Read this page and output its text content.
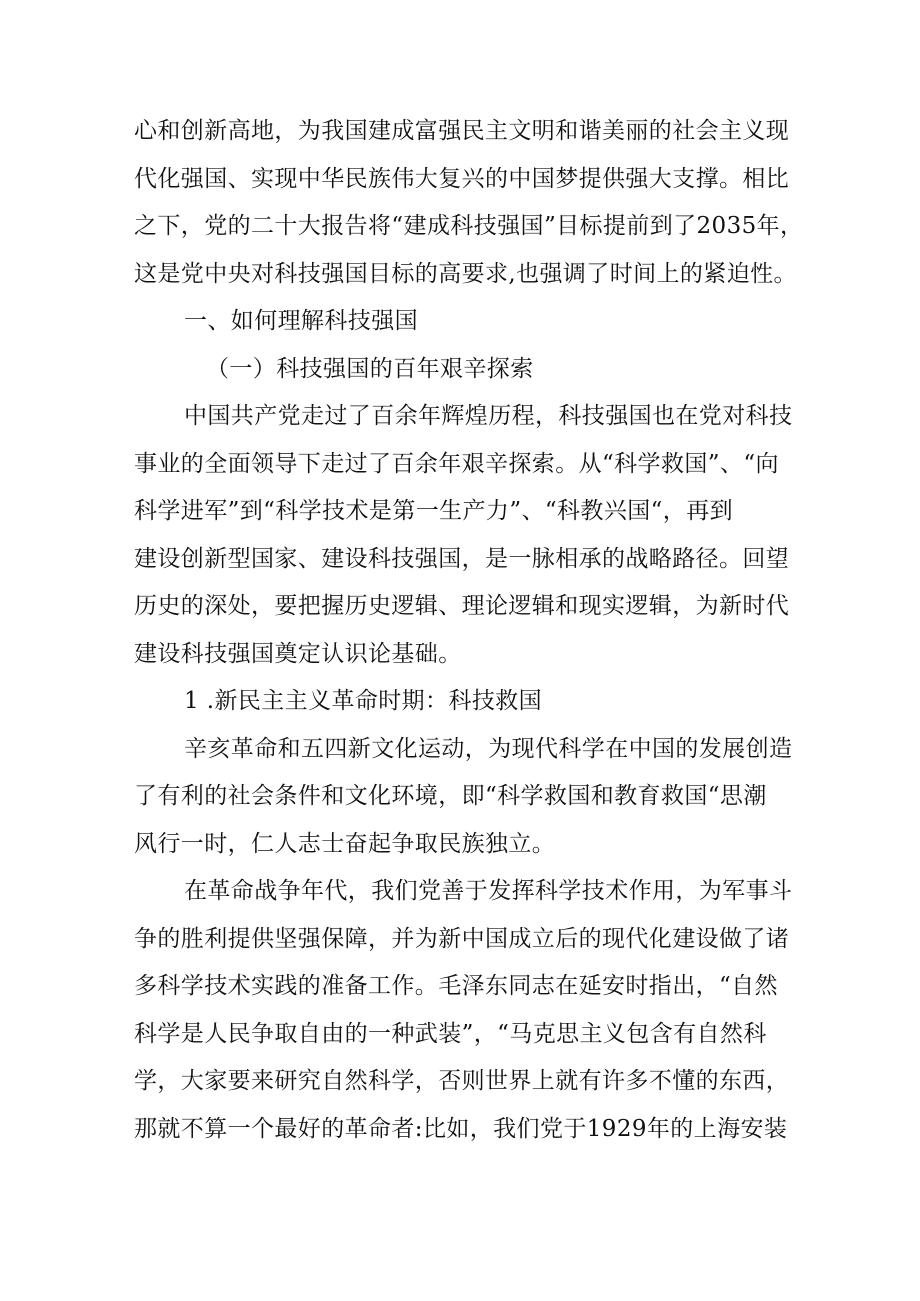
心和创新高地，为我国建成富强民主文明和谐美丽的社会主义现
代化强国、实现中华民族伟大复兴的中国梦提供强大支撑。相比
之下，党的二十大报告将“建成科技强国”目标提前到了2035年，
这是党中央对科技强国目标的高要求,也强调了时间上的紧迫性。
一、如何理解科技强国
（一）科技强国的百年艰辛探索
中国共产党走过了百余年辉煌历程，科技强国也在党对科技
事业的全面领导下走过了百余年艰辛探索。从“科学救国”、“向
科学进军”到“科学技术是第一生产力”、“科教兴国“，再到
建设创新型国家、建设科技强国，是一脉相承的战略路径。回望
历史的深处，要把握历史逻辑、理论逻辑和现实逻辑，为新时代
建设科技强国奠定认识论基础。
1 .新民主主义革命时期：科技救国
辛亥革命和五四新文化运动，为现代科学在中国的发展创造
了有利的社会条件和文化环境，即“科学救国和教育救国“思潮
风行一时，仁人志士奋起争取民族独立。
在革命战争年代，我们党善于发挥科学技术作用，为军事斗
争的胜利提供坚强保障，并为新中国成立后的现代化建设做了诸
多科学技术实践的准备工作。毛泽东同志在延安时指出，“自然
科学是人民争取自由的一种武装”，“马克思主义包含有自然科
学，大家要来研究自然科学，否则世界上就有许多不懂的东西，
那就不算一个最好的革命者:比如，我们党于1929年的上海安装
